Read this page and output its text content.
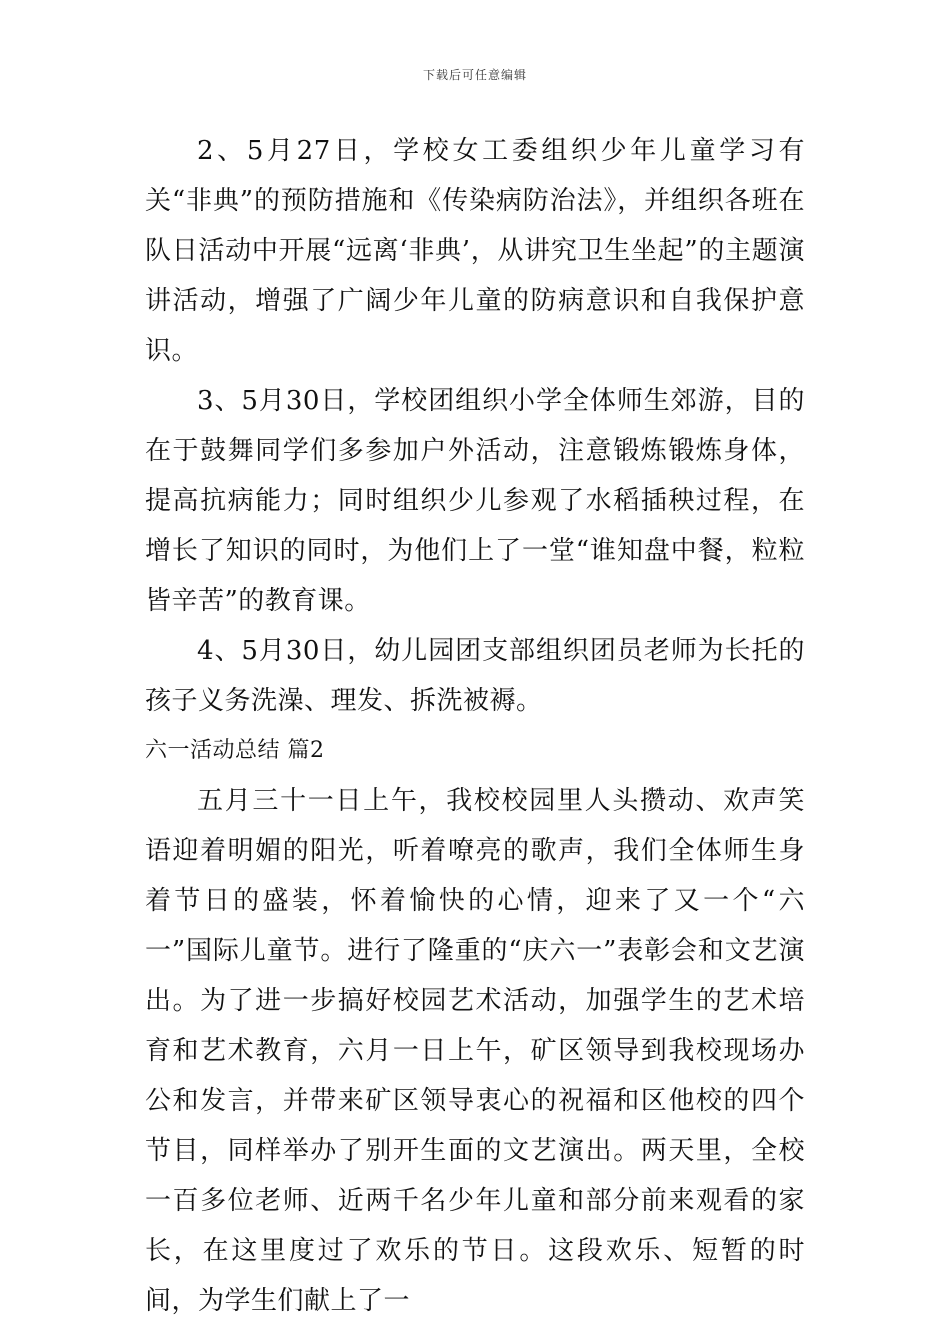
下载后可任意编辑

2、5月27日，学校女工委组织少年儿童学习有关“非典”的预防措施和《传染病防治法》，并组织各班在队日活动中开展“远离‘非典’，从讲究卫生坐起”的主题演讲活动，增强了广阔少年儿童的防病意识和自我保护意识。

3、5月30日，学校团组织小学全体师生郊游，目的在于鼓舞同学们多参加户外活动，注意锻炼锻炼身体，提高抗病能力；同时组织少儿参观了水稻插秧过程，在增长了知识的同时，为他们上了一堂“谁知盘中餐，粒粒皆辛苦”的教育课。

4、5月30日，幼儿园团支部组织团员老师为长托的孩子义务洗澡、理发、拆洗被褥。

六一活动总结 篇2

五月三十一日上午，我校校园里人头攒动、欢声笑语迎着明媚的阳光，听着嘹亮的歌声，我们全体师生身着节日的盛装，怀着愉快的心情，迎来了又一个“六一”国际儿童节。进行了隆重的“庆六一”表彰会和文艺演出。为了进一步搞好校园艺术活动，加强学生的艺术培育和艺术教育，六月一日上午，矿区领导到我校现场办公和发言，并带来矿区领导衷心的祝福和区他校的四个节目，同样举办了别开生面的文艺演出。两天里，全校一百多位老师、近两千名少年儿童和部分前来观看的家长，在这里度过了欢乐的节日。这段欢乐、短暂的时间，为学生们献上了一
